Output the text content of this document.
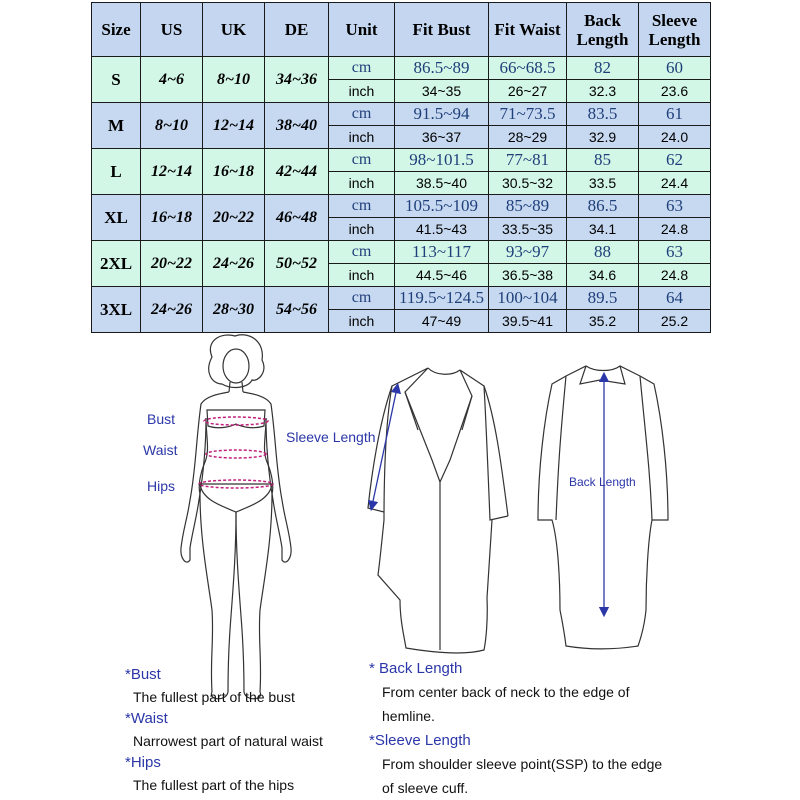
Size	US	UK	DE	Unit	Fit Bust	Fit Waist	Back Length	Sleeve Length
S	4~6	8~10	34~36	cm	86.5~89	66~68.5	82	60
				inch	34~35	26~27	32.3	23.6
M	8~10	12~14	38~40	cm	91.5~94	71~73.5	83.5	61
				inch	36~37	28~29	32.9	24.0
L	12~14	16~18	42~44	cm	98~101.5	77~81	85	62
				inch	38.5~40	30.5~32	33.5	24.4
XL	16~18	20~22	46~48	cm	105.5~109	85~89	86.5	63
				inch	41.5~43	33.5~35	34.1	24.8
2XL	20~22	24~26	50~52	cm	113~117	93~97	88	63
				inch	44.5~46	36.5~38	34.6	24.8
3XL	24~26	28~30	54~56	cm	119.5~124.5	100~104	89.5	64
				inch	47~49	39.5~41	35.2	25.2
Bust
Waist
Hips
Sleeve Length
Back Length
*Bust
The fullest part of the bust
*Waist
Narrowest part of natural waist
*Hips
The fullest part of the hips
* Back Length
From center back of neck to the edge of
hemline.
*Sleeve Length
From shoulder sleeve point(SSP) to the edge
of sleeve cuff.
